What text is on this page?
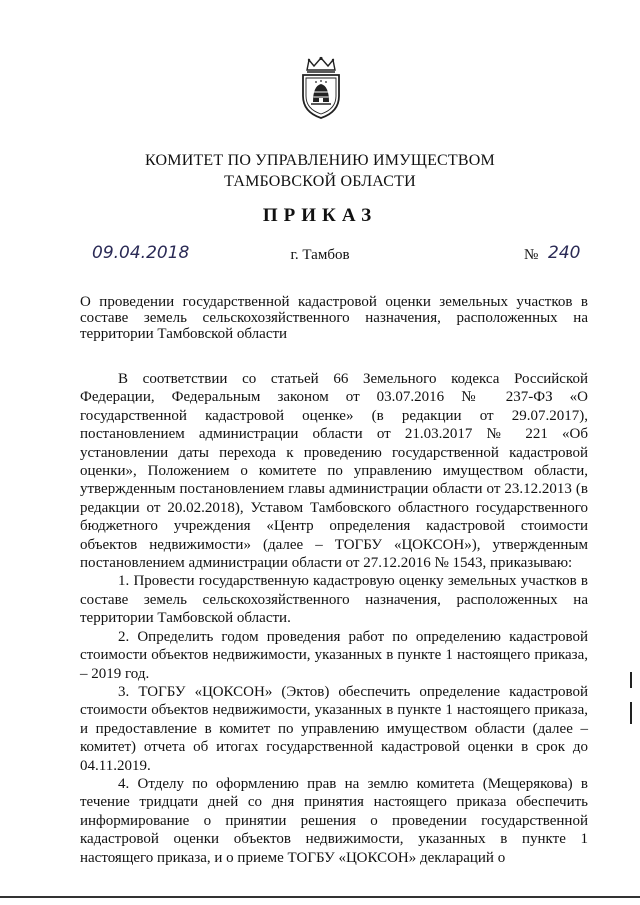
КОМИТЕТ ПО УПРАВЛЕНИЮ ИМУЩЕСТВОМ
ТАМБОВСКОЙ ОБЛАСТИ
ПРИКАЗ
09.04.2018	г. Тамбов	№ 240
О проведении государственной кадастровой оценки земельных участков в составе земель сельскохозяйственного назначения, расположенных на территории Тамбовской области

В соответствии со статьей 66 Земельного кодекса Российской Федерации, Федеральным законом от 03.07.2016 № 237-ФЗ «О государственной кадастровой оценке» (в редакции от 29.07.2017), постановлением администрации области от 21.03.2017 № 221 «Об установлении даты перехода к проведению государственной кадастровой оценки», Положением о комитете по управлению имуществом области, утвержденным постановлением главы администрации области от 23.12.2013 (в редакции от 20.02.2018), Уставом Тамбовского областного государственного бюджетного учреждения «Центр определения кадастровой стоимости объектов недвижимости» (далее – ТОГБУ «ЦОКСОН»), утвержденным постановлением администрации области от 27.12.2016 № 1543, приказываю:

1. Провести государственную кадастровую оценку земельных участков в составе земель сельскохозяйственного назначения, расположенных на территории Тамбовской области.

2. Определить годом проведения работ по определению кадастровой стоимости объектов недвижимости, указанных в пункте 1 настоящего приказа, – 2019 год.

3. ТОГБУ «ЦОКСОН» (Эктов) обеспечить определение кадастровой стоимости объектов недвижимости, указанных в пункте 1 настоящего приказа, и предоставление в комитет по управлению имуществом области (далее – комитет) отчета об итогах государственной кадастровой оценки в срок до 04.11.2019.

4. Отделу по оформлению прав на землю комитета (Мещерякова) в течение тридцати дней со дня принятия настоящего приказа обеспечить информирование о принятии решения о проведении государственной кадастровой оценки объектов недвижимости, указанных в пункте 1 настоящего приказа, и о приеме ТОГБУ «ЦОКСОН» деклараций о
